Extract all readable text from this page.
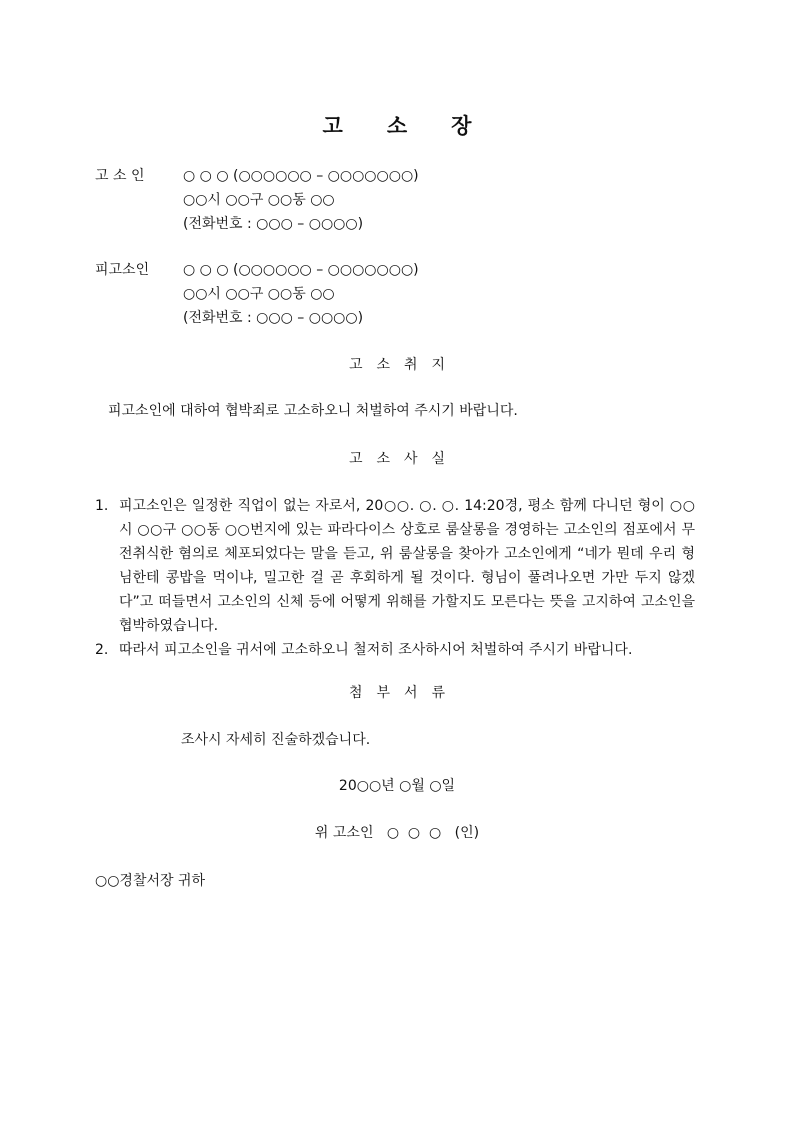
고 소 장
고 소 인	○ ○ ○ (○○○○○○ – ○○○○○○○)
○○시 ○○구 ○○동 ○○
(전화번호 : ○○○ – ○○○○)
피고소인	○ ○ ○ (○○○○○○ – ○○○○○○○)
○○시 ○○구 ○○동 ○○
(전화번호 : ○○○ – ○○○○)
고 소 취 지
피고소인에 대하여 협박죄로 고소하오니 처벌하여 주시기 바랍니다.
고 소 사 실
1. 피고소인은 일정한 직업이 없는 자로서, 20○○. ○. ○. 14:20경, 평소 함께 다니던 형이 ○○시 ○○구 ○○동 ○○번지에 있는 파라다이스 상호로 룸살롱을 경영하는 고소인의 점포에서 무전취식한 혐의로 체포되었다는 말을 듣고, 위 룸살롱을 찾아가 고소인에게 “네가 뭔데 우리 형님한테 콩밥을 먹이냐, 밀고한 걸 곧 후회하게 될 것이다. 형님이 풀려나오면 가만 두지 않겠다”고 떠들면서 고소인의 신체 등에 어떻게 위해를 가할지도 모른다는 뜻을 고지하여 고소인을 협박하였습니다.
2. 따라서 피고소인을 귀서에 고소하오니 철저히 조사하시어 처벌하여 주시기 바랍니다.
첨 부 서 류
조사시 자세히 진술하겠습니다.
20○○년 ○월 ○일
위 고소인   ○  ○  ○   (인)
○○경찰서장 귀하
